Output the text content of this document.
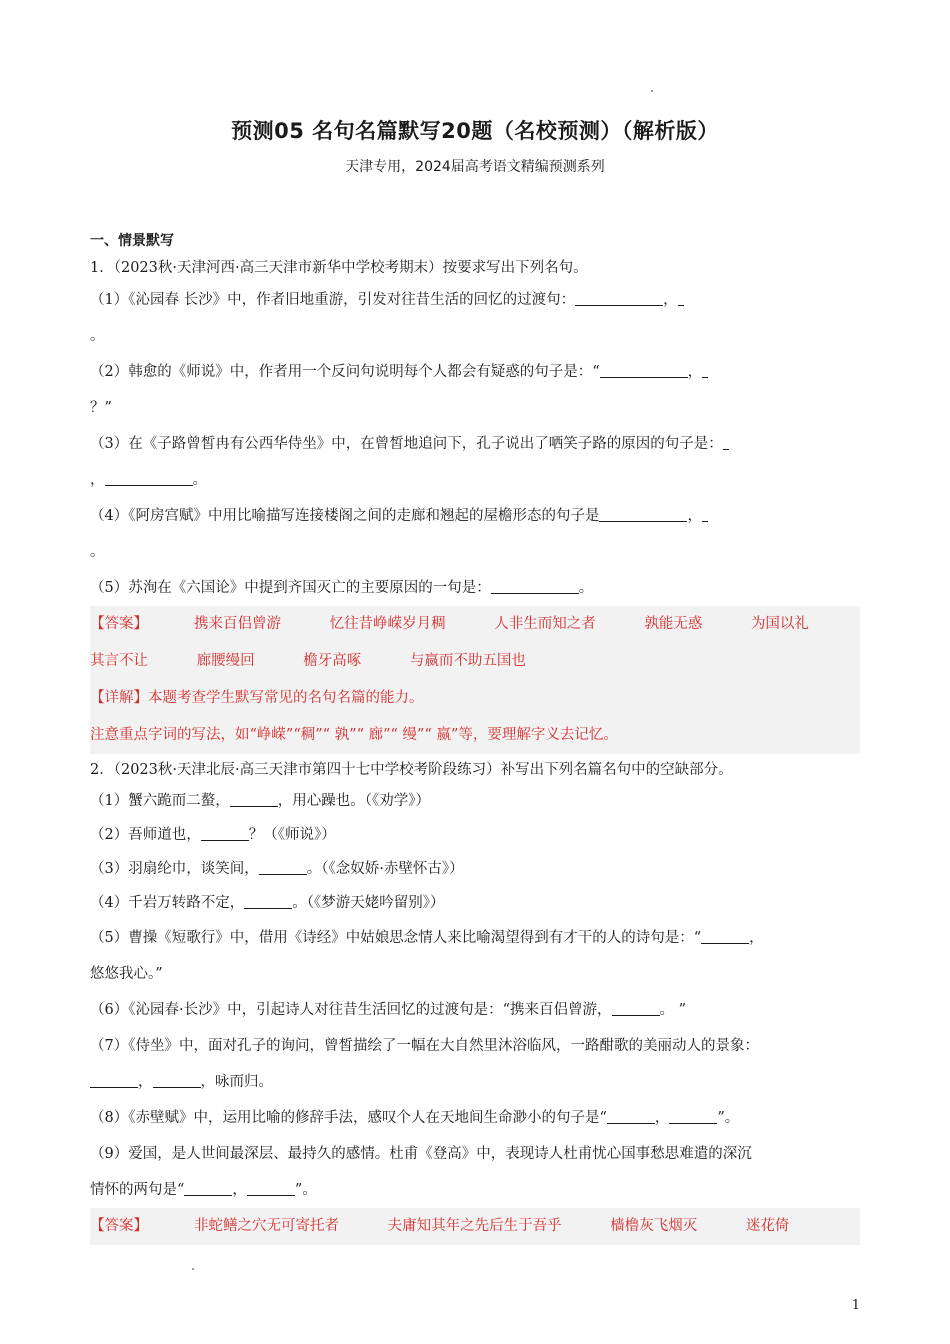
预测05 名句名篇默写20题（名校预测）（解析版）
天津专用，2024届高考语文精编预测系列
一、情景默写
1．（2023秋·天津河西·高三天津市新华中学校考期末）按要求写出下列名句。
（1）《沁园春 长沙》中，作者旧地重游，引发对往昔生活的回忆的过渡句：	，
。
（2）韩愈的《师说》中，作者用一个反问句说明每个人都会有疑惑的句子是：“	，
？”
（3）在《子路曾皙冉有公西华侍坐》中，在曾皙地追问下，孔子说出了哂笑子路的原因的句子是：
，	。
（4）《阿房宫赋》中用比喻描写连接楼阁之间的走廊和翘起的屋檐形态的句子是	，
。
（5）苏洵在《六国论》中提到齐国灭亡的主要原因的一句是：	。
【答案】	携来百侣曾游	忆往昔峥嵘岁月稠	人非生而知之者	孰能无惑	为国以礼
其言不让	廊腰缦回	檐牙高啄	与嬴而不助五国也
【详解】本题考查学生默写常见的名句名篇的能力。
注意重点字词的写法，如“峥嵘”“稠”“ 孰”“ 廊”“ 缦”“ 嬴”等，要理解字义去记忆。
2．（2023秋·天津北辰·高三天津市第四十七中学校考阶段练习）补写出下列名篇名句中的空缺部分。
（1）蟹六跪而二螯，	，用心躁也。（《劝学》）
（2）吾师道也，	？（《师说》）
（3）羽扇纶巾，谈笑间，	。（《念奴娇·赤壁怀古》）
（4）千岩万转路不定，	。（《梦游天姥吟留别》）
（5）曹操《短歌行》中，借用《诗经》中姑娘思念情人来比喻渴望得到有才干的人的诗句是：“	，
悠悠我心。”
（6）《沁园春·长沙》中，引起诗人对往昔生活回忆的过渡句是：“携来百侣曾游，	。 ”
（7）《侍坐》中，面对孔子的询问，曾皙描绘了一幅在大自然里沐浴临风，一路酣歌的美丽动人的景象：
，	，咏而归。
（8）《赤壁赋》中，运用比喻的修辞手法，感叹个人在天地间生命渺小的句子是“	，	”。
（9）爱国，是人世间最深层、最持久的感情。杜甫《登高》中，表现诗人杜甫忧心国事愁思难遣的深沉
情怀的两句是“	，	”。
【答案】	非蛇鳝之穴无可寄托者	夫庸知其年之先后生于吾乎	樯橹灰飞烟灭	迷花倚
1
